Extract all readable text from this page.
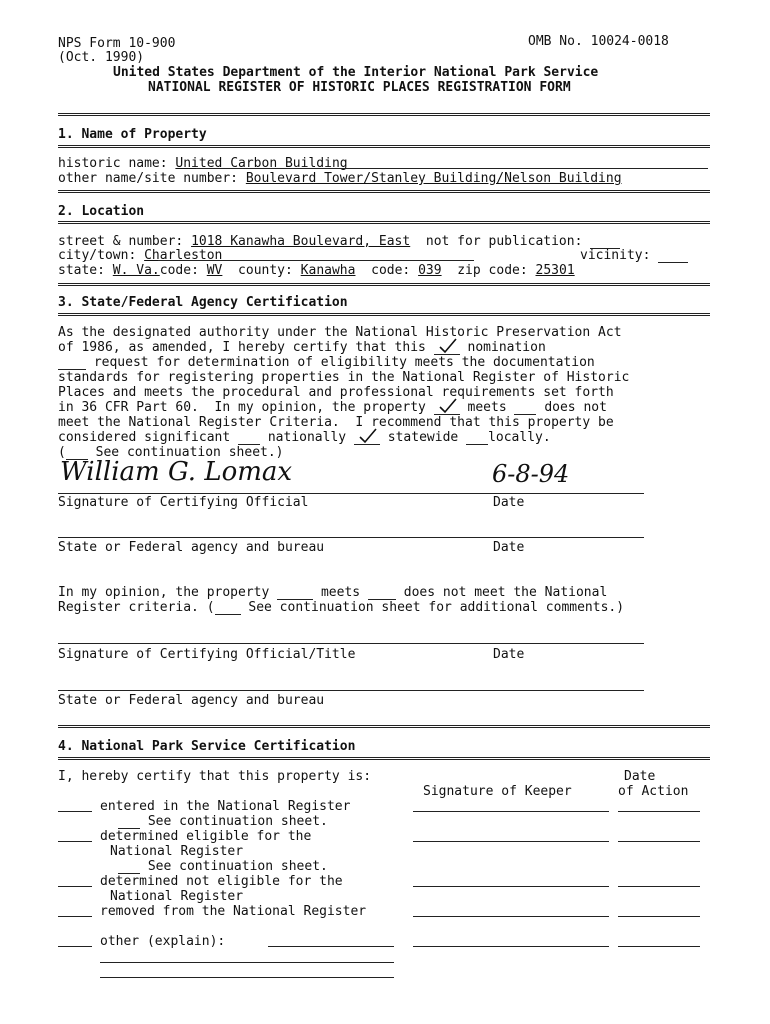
NPS Form 10-900	OMB No. 10024-0018
(Oct. 1990)
United States Department of the Interior National Park Service
NATIONAL REGISTER OF HISTORIC PLACES REGISTRATION FORM
1. Name of Property
historic name: United Carbon Building
other name/site number: Boulevard Tower/Stanley Building/Nelson Building
2. Location
street & number: 1018 Kanawha Boulevard, East not for publication:
city/town: Charleston	vicinity:
state: W. Va.code: WV county: Kanawha code: 039 zip code: 25301
3. State/Federal Agency Certification
As the designated authority under the National Historic Preservation Act
of 1986, as amended, I hereby certify that this	nomination
request for determination of eligibility meets the documentation
standards for registering properties in the National Register of Historic
Places and meets the procedural and professional requirements set forth
in 36 CFR Part 60.  In my opinion, the property	meets	does not
meet the National Register Criteria.  I recommend that this property be
considered significant	nationally	statewide locally.
( See continuation sheet.)
William G. Lomax	6-8-94
Signature of Certifying Official	Date
State or Federal agency and bureau	Date
In my opinion, the property	meets	does not meet the National
Register criteria. (	See continuation sheet for additional comments.)
Signature of Certifying Official/Title	Date
State or Federal agency and bureau
4. National Park Service Certification
I, hereby certify that this property is:	Date
Signature of Keeper	of Action
entered in the National Register
See continuation sheet.
determined eligible for the
National Register
See continuation sheet.
determined not eligible for the
National Register
removed from the National Register
other (explain):
